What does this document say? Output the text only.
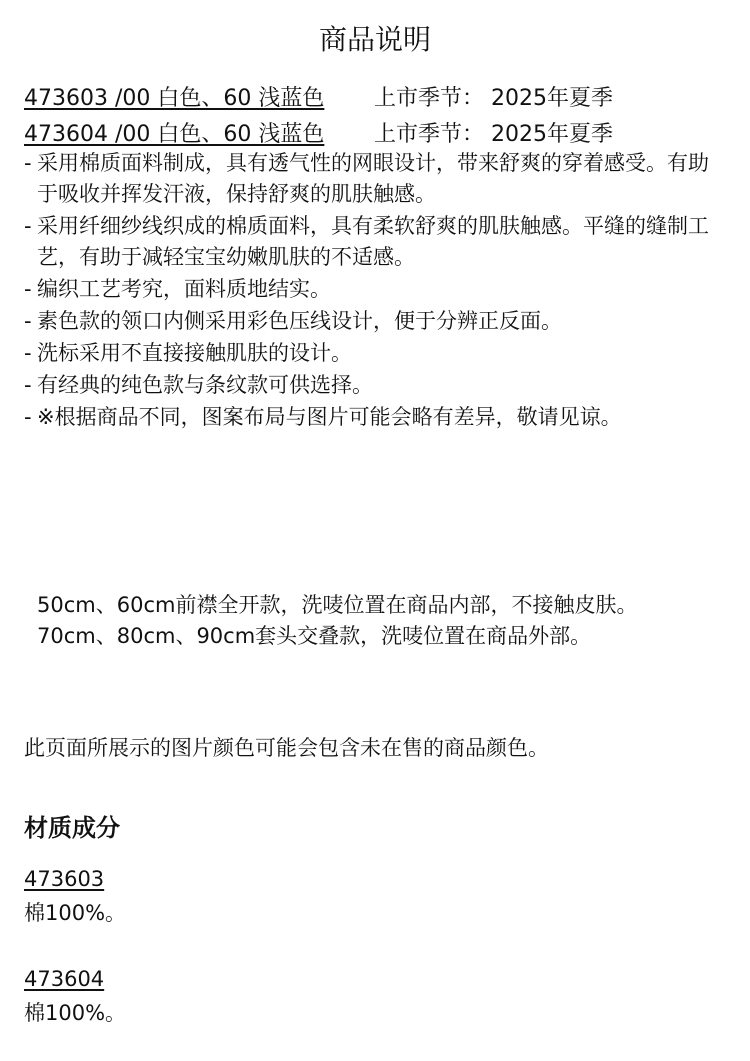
商品说明
473603 /00 白色、60 浅蓝色 上市季节： 2025年夏季
473604 /00 白色、60 浅蓝色 上市季节： 2025年夏季
- 采用棉质面料制成，具有透气性的网眼设计，带来舒爽的穿着感受。有助于吸收并挥发汗液，保持舒爽的肌肤触感。
- 采用纤细纱线织成的棉质面料，具有柔软舒爽的肌肤触感。平缝的缝制工艺，有助于减轻宝宝幼嫩肌肤的不适感。
- 编织工艺考究，面料质地结实。
- 素色款的领口内侧采用彩色压线设计，便于分辨正反面。
- 洗标采用不直接接触肌肤的设计。
- 有经典的纯色款与条纹款可供选择。
- ※根据商品不同，图案布局与图片可能会略有差异，敬请见谅。

50cm、60cm前襟全开款，洗唛位置在商品内部，不接触皮肤。

70cm、80cm、90cm套头交叠款，洗唛位置在商品外部。

此页面所展示的图片颜色可能会包含未在售的商品颜色。
材质成分
473603
棉100%。
473604
棉100%。
